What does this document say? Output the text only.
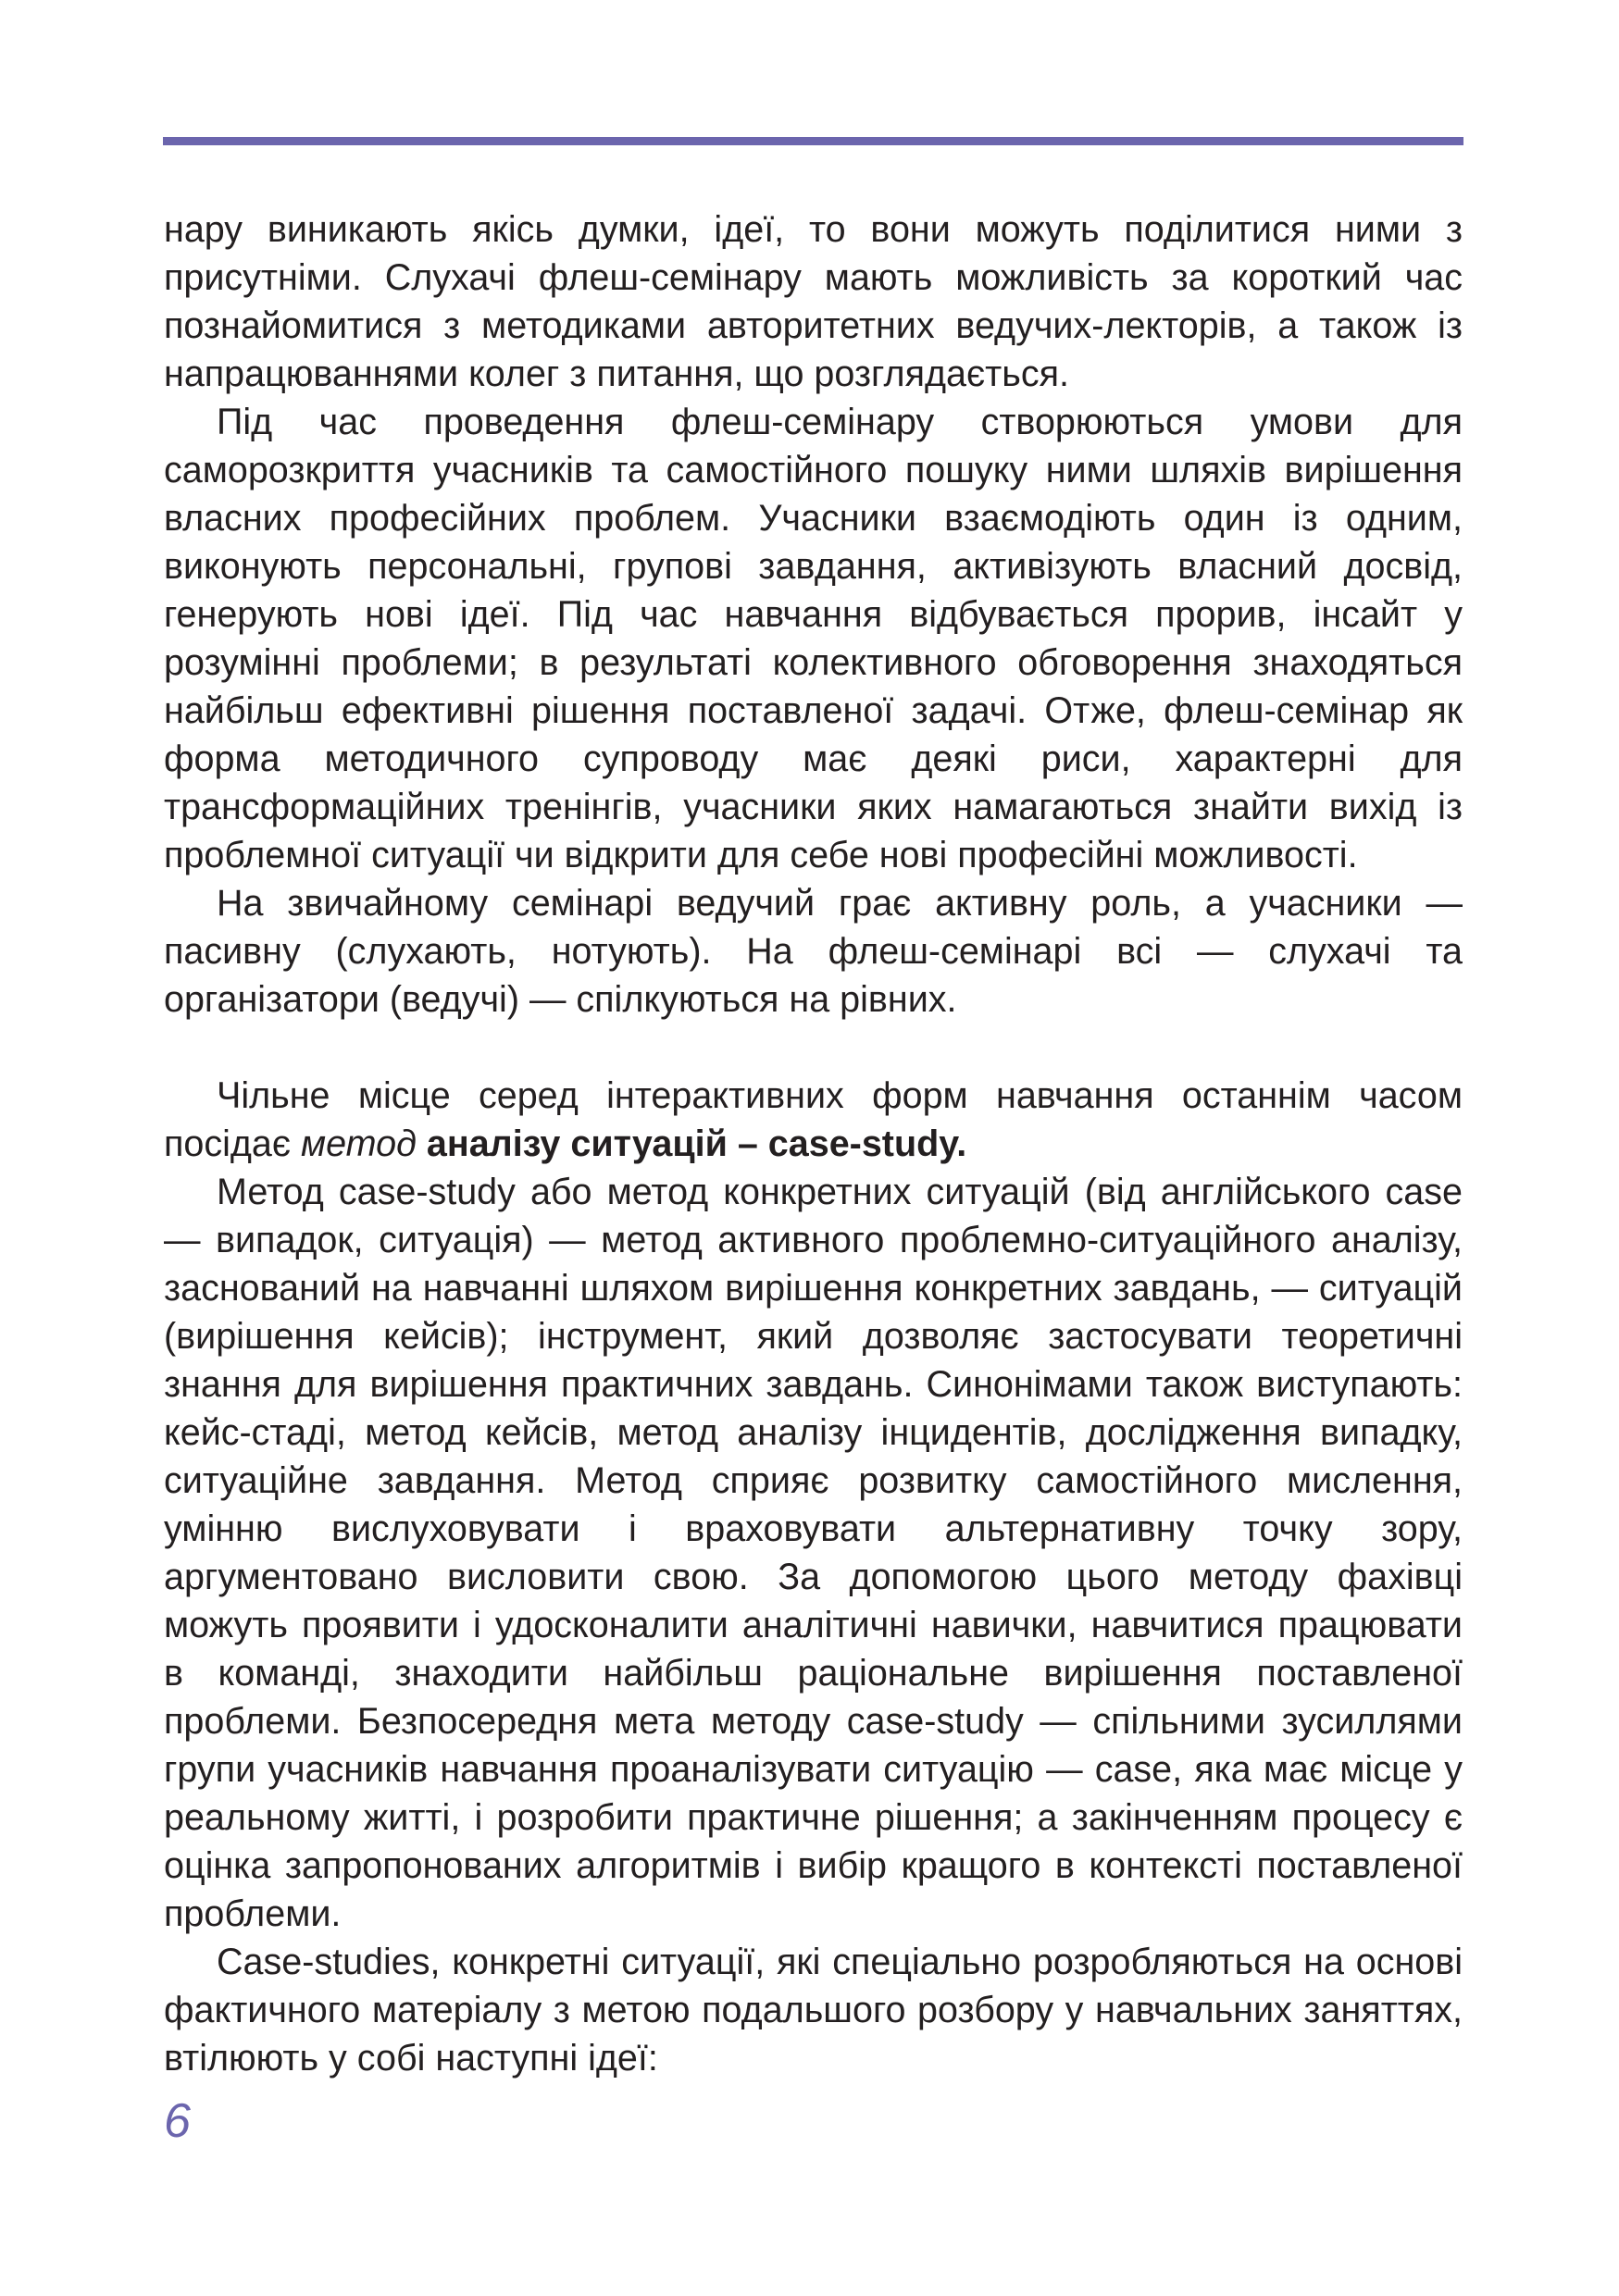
нару виникають якісь думки, ідеї, то вони можуть поділитися ними з присутніми. Слухачі флеш-семінару мають можливість за короткий час познайомитися з методиками авторитетних ведучих-лекторів, а також із напрацюваннями колег з питання, що розглядається.

Під час проведення флеш-семінару створюються умови для саморозкриття учасників та самостійного пошуку ними шляхів вирішення власних професійних проблем. Учасники взаємодіють один із одним, виконують персональні, групові завдання, активізують власний досвід, генерують нові ідеї. Під час навчання відбувається прорив, інсайт у розумінні проблеми; в результаті колективного обговорення знаходяться найбільш ефективні рішення поставленої задачі. Отже, флеш-семінар як форма методичного супроводу має деякі риси, характерні для трансформаційних тренінгів, учасники яких намагаються знайти вихід із проблемної ситуації чи відкрити для себе нові професійні можливості.

На звичайному семінарі ведучий грає активну роль, а учасники — пасивну (слухають, нотують). На флеш-семінарі всі — слухачі та організатори (ведучі) — спілкуються на рівних.

Чільне місце серед інтерактивних форм навчання останнім часом посідає метод аналізу ситуацій – case-study.

Метод case-study або метод конкретних ситуацій (від англійського case — випадок, ситуація) — метод активного проблемно-ситуаційного аналізу, заснований на навчанні шляхом вирішення конкретних завдань, — ситуацій (вирішення кейсів); інструмент, який дозволяє застосувати теоретичні знання для вирішення практичних завдань. Синонімами також виступають: кейс-стаді, метод кейсів, метод аналізу інцидентів, дослідження випадку, ситуаційне завдання. Метод сприяє розвитку самостійного мислення, умінню вислуховувати і враховувати альтернативну точку зору, аргументовано висловити свою. За допомогою цього методу фахівці можуть проявити і удосконалити аналітичні навички, навчитися працювати в команді, знаходити найбільш раціональне вирішення поставленої проблеми. Безпосередня мета методу case-study — спільними зусиллями групи учасників навчання проаналізувати ситуацію — case, яка має місце у реальному житті, і розробити практичне рішення; а закінченням процесу є оцінка запропонованих алгоритмів і вибір кращого в контексті поставленої проблеми.

Case-studies, конкретні ситуації, які спеціально розробляються на основі фактичного матеріалу з метою подальшого розбору у навчальних заняттях, втілюють у собі наступні ідеї:

6
